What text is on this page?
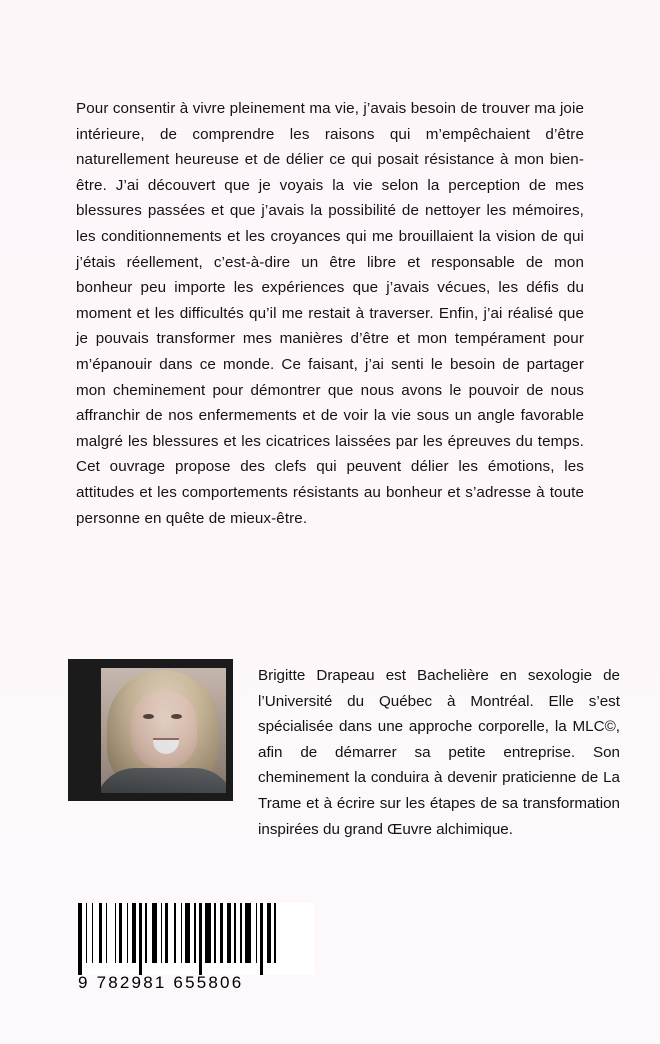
Pour consentir à vivre pleinement ma vie, j’avais besoin de trouver ma joie intérieure, de comprendre les raisons qui m’empêchaient d’être naturellement heureuse et de délier ce qui posait résistance à mon bien-être. J’ai découvert que je voyais la vie selon la perception de mes blessures passées et que j’avais la possibilité de nettoyer les mémoires, les conditionnements et les croyances qui me brouillaient la vision de qui j’étais réellement, c’est-à-dire un être libre et responsable de mon bonheur peu importe les expériences que j’avais vécues, les défis du moment et les difficultés qu’il me restait à traverser. Enfin, j’ai réalisé que je pouvais transformer mes manières d’être et mon tempérament pour m’épanouir dans ce monde. Ce faisant, j’ai senti le besoin de partager mon cheminement pour démontrer que nous avons le pouvoir de nous affranchir de nos enfermements et de voir la vie sous un angle favorable malgré les blessures et les cicatrices laissées par les épreuves du temps. Cet ouvrage propose des clefs qui peuvent délier les émotions, les attitudes et les comportements résistants au bonheur et s’adresse à toute personne en quête de mieux-être.
Brigitte Drapeau est Bachelière en sexologie de l’Université du Québec à Montréal. Elle s’est spécialisée dans une approche corporelle, la MLC©, afin de démarrer sa petite entreprise. Son cheminement la conduira à devenir praticienne de La Trame et à écrire sur les étapes de sa transformation inspirées du grand Œuvre alchimique.
9 782981 655806
